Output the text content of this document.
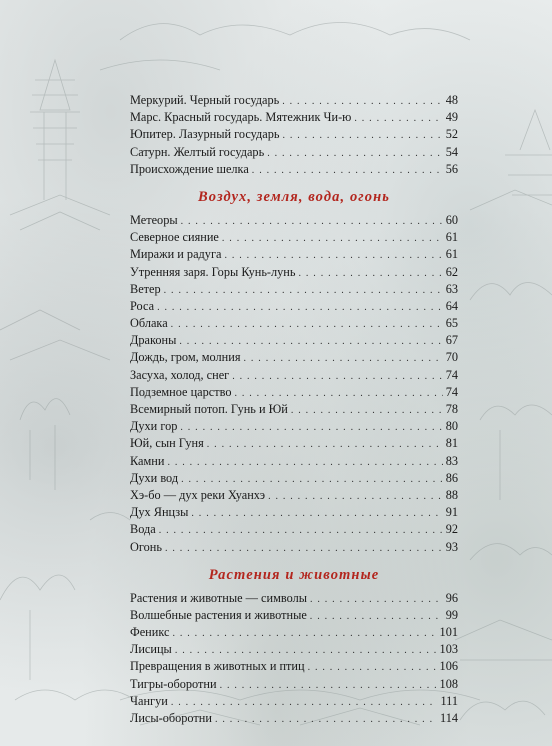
Меркурий. Черный государь . . .	48
Марс. Красный государь. Мятежник Чи-ю . . .	49
Юпитер. Лазурный государь . . .	52
Сатурн. Желтый государь . . .	54
Происхождение шелка . . .	56
Воздух, земля, вода, огонь
Метеоры . . .	60
Северное сияние . . .	61
Миражи и радуга . . .	61
Утренняя заря. Горы Кунь-лунь . . .	62
Ветер . . .	63
Роса . . .	64
Облака . . .	65
Драконы . . .	67
Дождь, гром, молния . . .	70
Засуха, холод, снег . . .	74
Подземное царство . . .	74
Всемирный потоп. Гунь и Юй . . .	78
Духи гор . . .	80
Юй, сын Гуня . . .	81
Камни . . .	83
Духи вод . . .	86
Хэ-бо — дух реки Хуанхэ . . .	88
Дух Янцзы . . .	91
Вода . . .	92
Огонь . . .	93
Растения и животные
Растения и животные — символы . . .	96
Волшебные растения и животные . . .	99
Феникс . . .	101
Лисицы . . .	103
Превращения в животных и птиц . . .	106
Тигры-оборотни . . .	108
Чангуи . . .	111
Лисы-оборотни . . .	114
